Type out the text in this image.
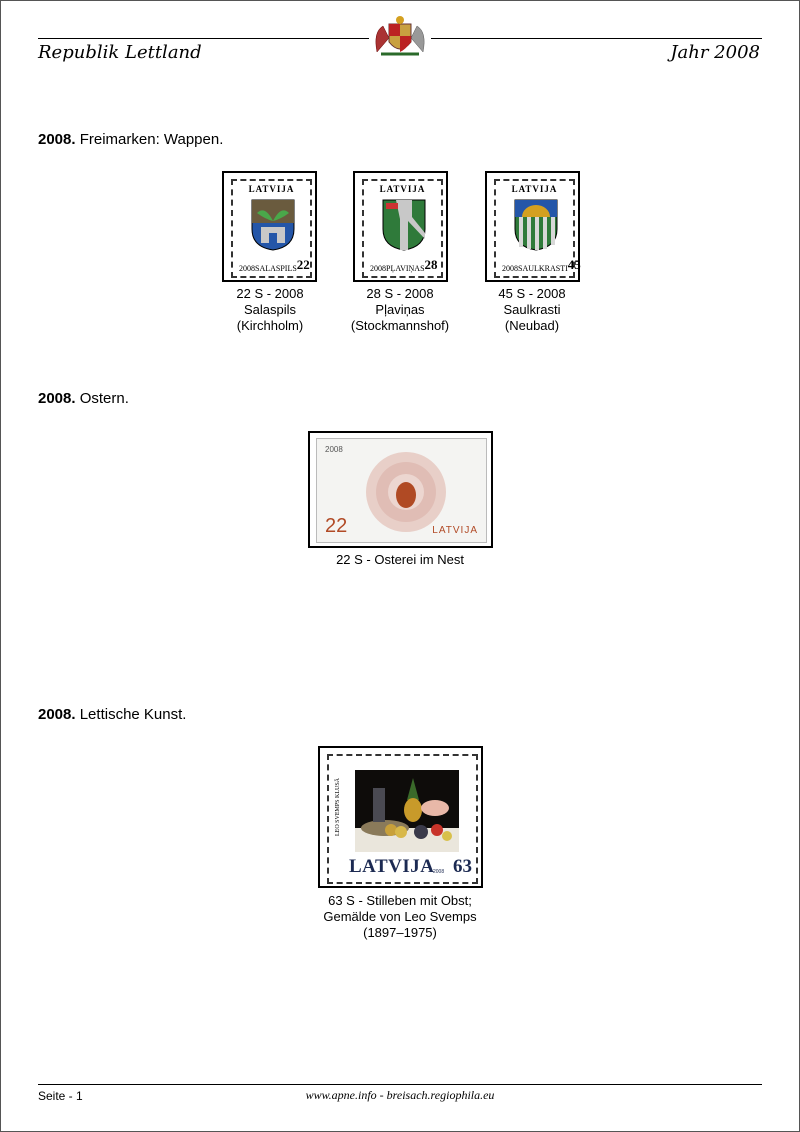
Republik Lettland	Jahr 2008
2008. Freimarken: Wappen.
LATVIJA
2008 SALASPILS 22
22 S - 2008
Salaspils
(Kirchholm)
LATVIJA
2008 PĻAVIŅAS 28
28 S - 2008
Pļaviņas
(Stockmannshof)
LATVIJA
2008 SAULKRASTI 45
45 S - 2008
Saulkrasti
(Neubad)
2008. Ostern.
2008
22	LATVIJA
22 S - Osterei im Nest
2008. Lettische Kunst.
LEO SVEMPS KLUSĀ
LATVIJA
2008 63
63 S - Stilleben mit Obst;
Gemälde von Leo Svemps
(1897–1975)
Seite - 1	www.apne.info - breisach.regiophila.eu
